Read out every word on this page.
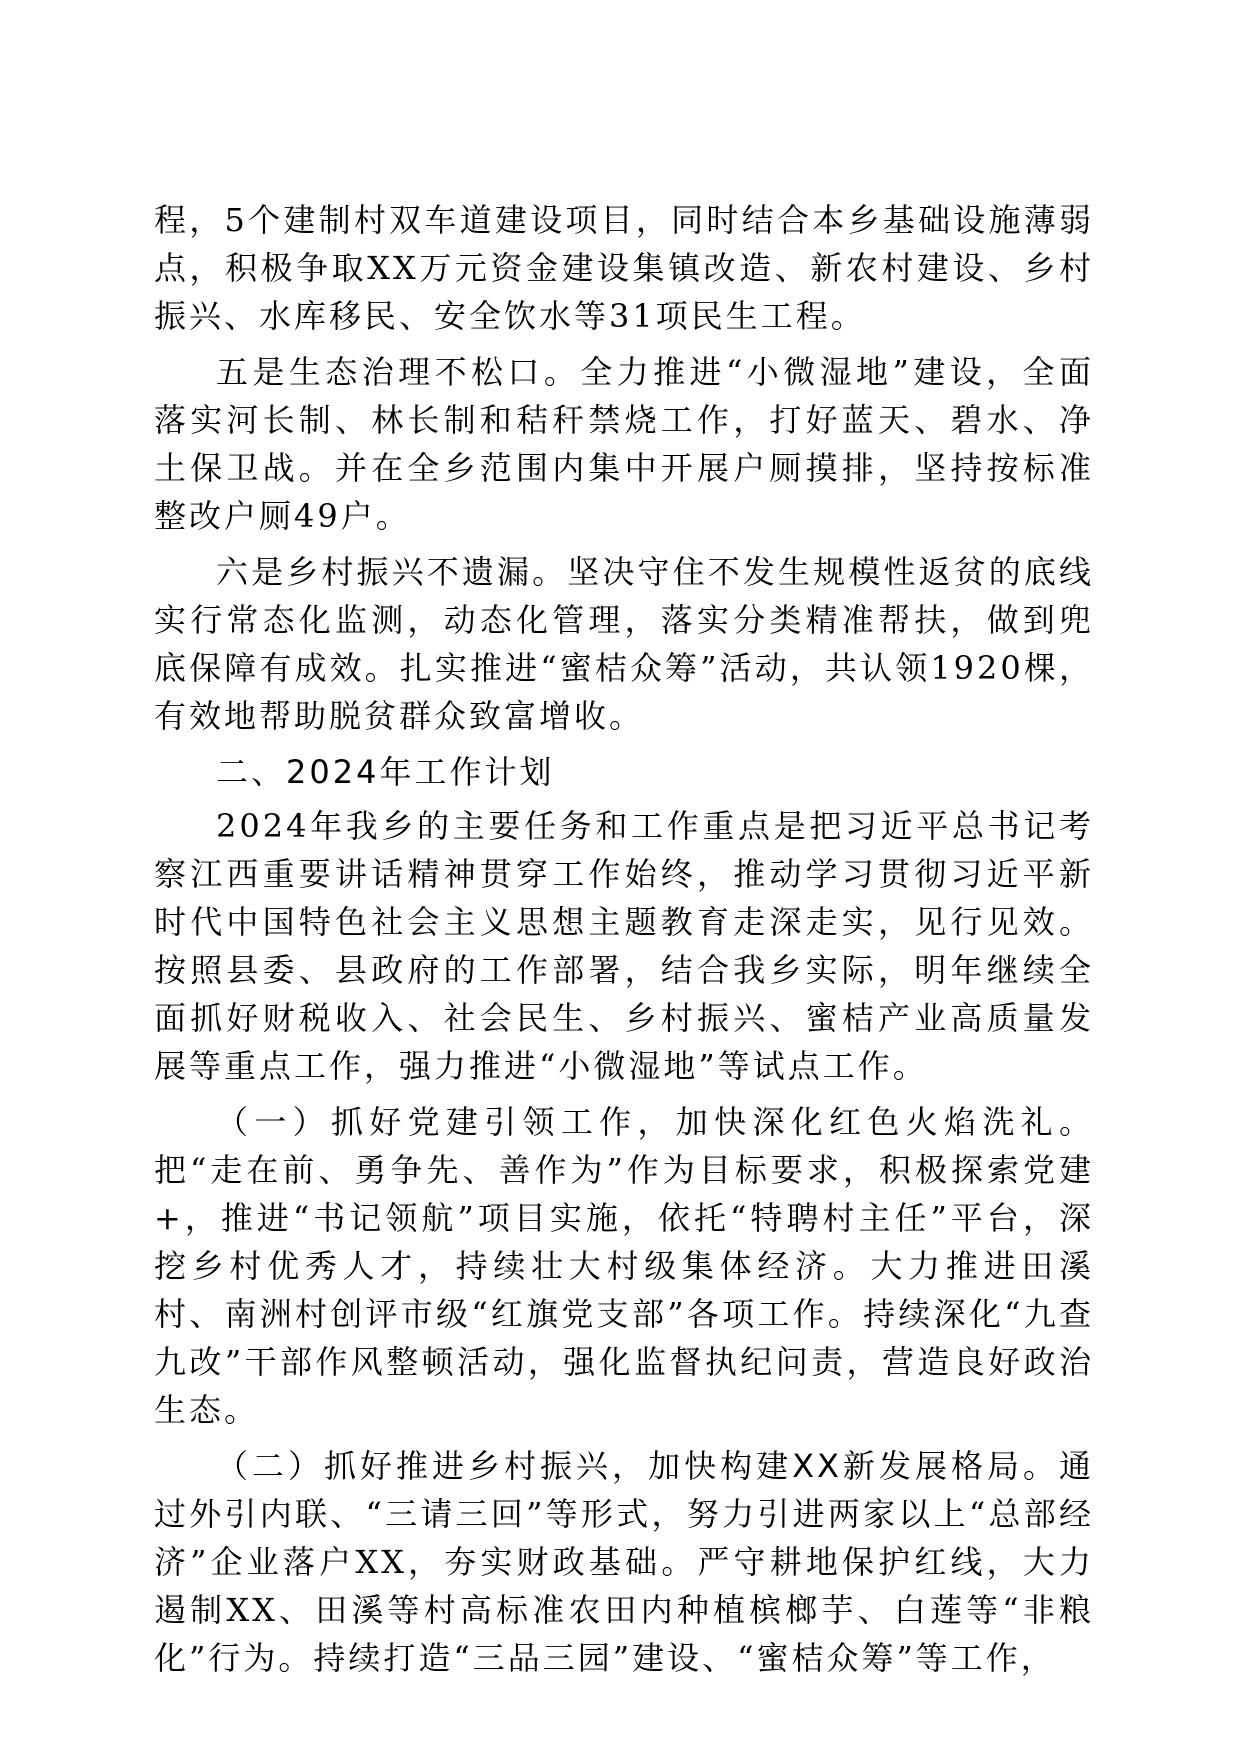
程，5个建制村双车道建设项目，同时结合本乡基础设施薄弱点，积极争取XX万元资金建设集镇改造、新农村建设、乡村振兴、水库移民、安全饮水等31项民生工程。

五是生态治理不松口。全力推进“小微湿地”建设，全面落实河长制、林长制和秸秆禁烧工作，打好蓝天、碧水、净土保卫战。并在全乡范围内集中开展户厕摸排，坚持按标准整改户厕49户。

六是乡村振兴不遗漏。坚决守住不发生规模性返贫的底线实行常态化监测，动态化管理，落实分类精准帮扶，做到兜底保障有成效。扎实推进“蜜桔众筹”活动，共认领1920棵，有效地帮助脱贫群众致富增收。

二、2024年工作计划

2024年我乡的主要任务和工作重点是把习近平总书记考察江西重要讲话精神贯穿工作始终，推动学习贯彻习近平新时代中国特色社会主义思想主题教育走深走实，见行见效。按照县委、县政府的工作部署，结合我乡实际，明年继续全面抓好财税收入、社会民生、乡村振兴、蜜桔产业高质量发展等重点工作，强力推进“小微湿地”等试点工作。

（一）抓好党建引领工作，加快深化红色火焰洗礼。把“走在前、勇争先、善作为”作为目标要求，积极探索党建+，推进“书记领航”项目实施，依托“特聘村主任”平台，深挖乡村优秀人才，持续壮大村级集体经济。大力推进田溪村、南洲村创评市级“红旗党支部”各项工作。持续深化“九查九改”干部作风整顿活动，强化监督执纪问责，营造良好政治生态。

（二）抓好推进乡村振兴，加快构建XX新发展格局。通过外引内联、“三请三回”等形式，努力引进两家以上“总部经济”企业落户XX，夯实财政基础。严守耕地保护红线，大力遏制XX、田溪等村高标准农田内种植槟榔芋、白莲等“非粮化”行为。持续打造“三品三园”建设、“蜜桔众筹”等工作，
